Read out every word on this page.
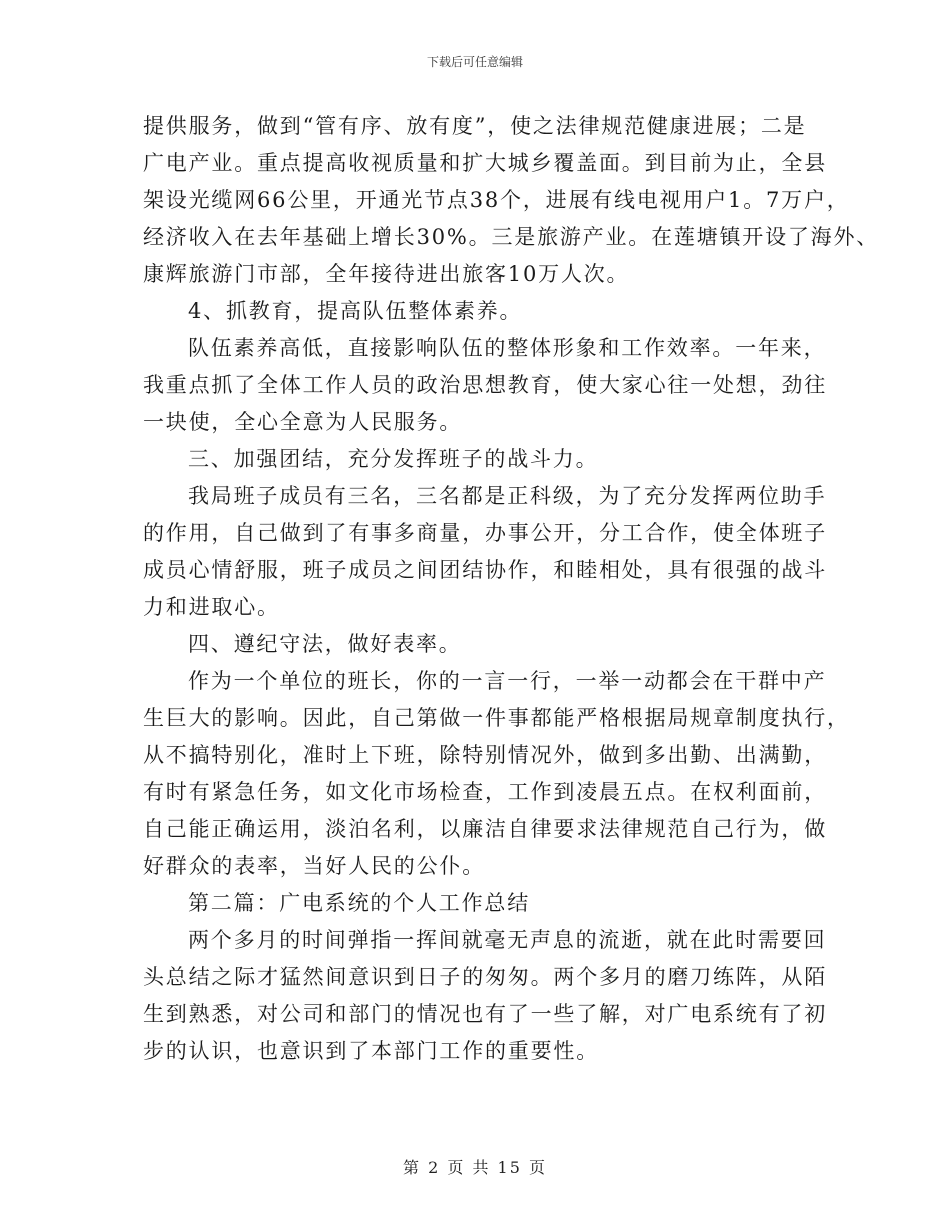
下载后可任意编辑
提供服务，做到“管有序、放有度”，使之法律规范健康进展；二是
广电产业。重点提高收视质量和扩大城乡覆盖面。到目前为止，全县
架设光缆网66公里，开通光节点38个，进展有线电视用户1。7万户，
经济收入在去年基础上增长30%。三是旅游产业。在莲塘镇开设了海外、
康辉旅游门市部，全年接待进出旅客10万人次。
4、抓教育，提高队伍整体素养。
队伍素养高低，直接影响队伍的整体形象和工作效率。一年来，
我重点抓了全体工作人员的政治思想教育，使大家心往一处想，劲往
一块使，全心全意为人民服务。
三、加强团结，充分发挥班子的战斗力。
我局班子成员有三名，三名都是正科级，为了充分发挥两位助手
的作用，自己做到了有事多商量，办事公开，分工合作，使全体班子
成员心情舒服，班子成员之间团结协作，和睦相处，具有很强的战斗
力和进取心。
四、遵纪守法，做好表率。
作为一个单位的班长，你的一言一行，一举一动都会在干群中产
生巨大的影响。因此，自己第做一件事都能严格根据局规章制度执行，
从不搞特别化，准时上下班，除特别情况外，做到多出勤、出满勤，
有时有紧急任务，如文化市场检查，工作到凌晨五点。在权利面前，
自己能正确运用，淡泊名利，以廉洁自律要求法律规范自己行为，做
好群众的表率，当好人民的公仆。
第二篇：广电系统的个人工作总结
两个多月的时间弹指一挥间就毫无声息的流逝，就在此时需要回
头总结之际才猛然间意识到日子的匆匆。两个多月的磨刀练阵，从陌
生到熟悉，对公司和部门的情况也有了一些了解，对广电系统有了初
步的认识，也意识到了本部门工作的重要性。
第 2 页 共 15 页
